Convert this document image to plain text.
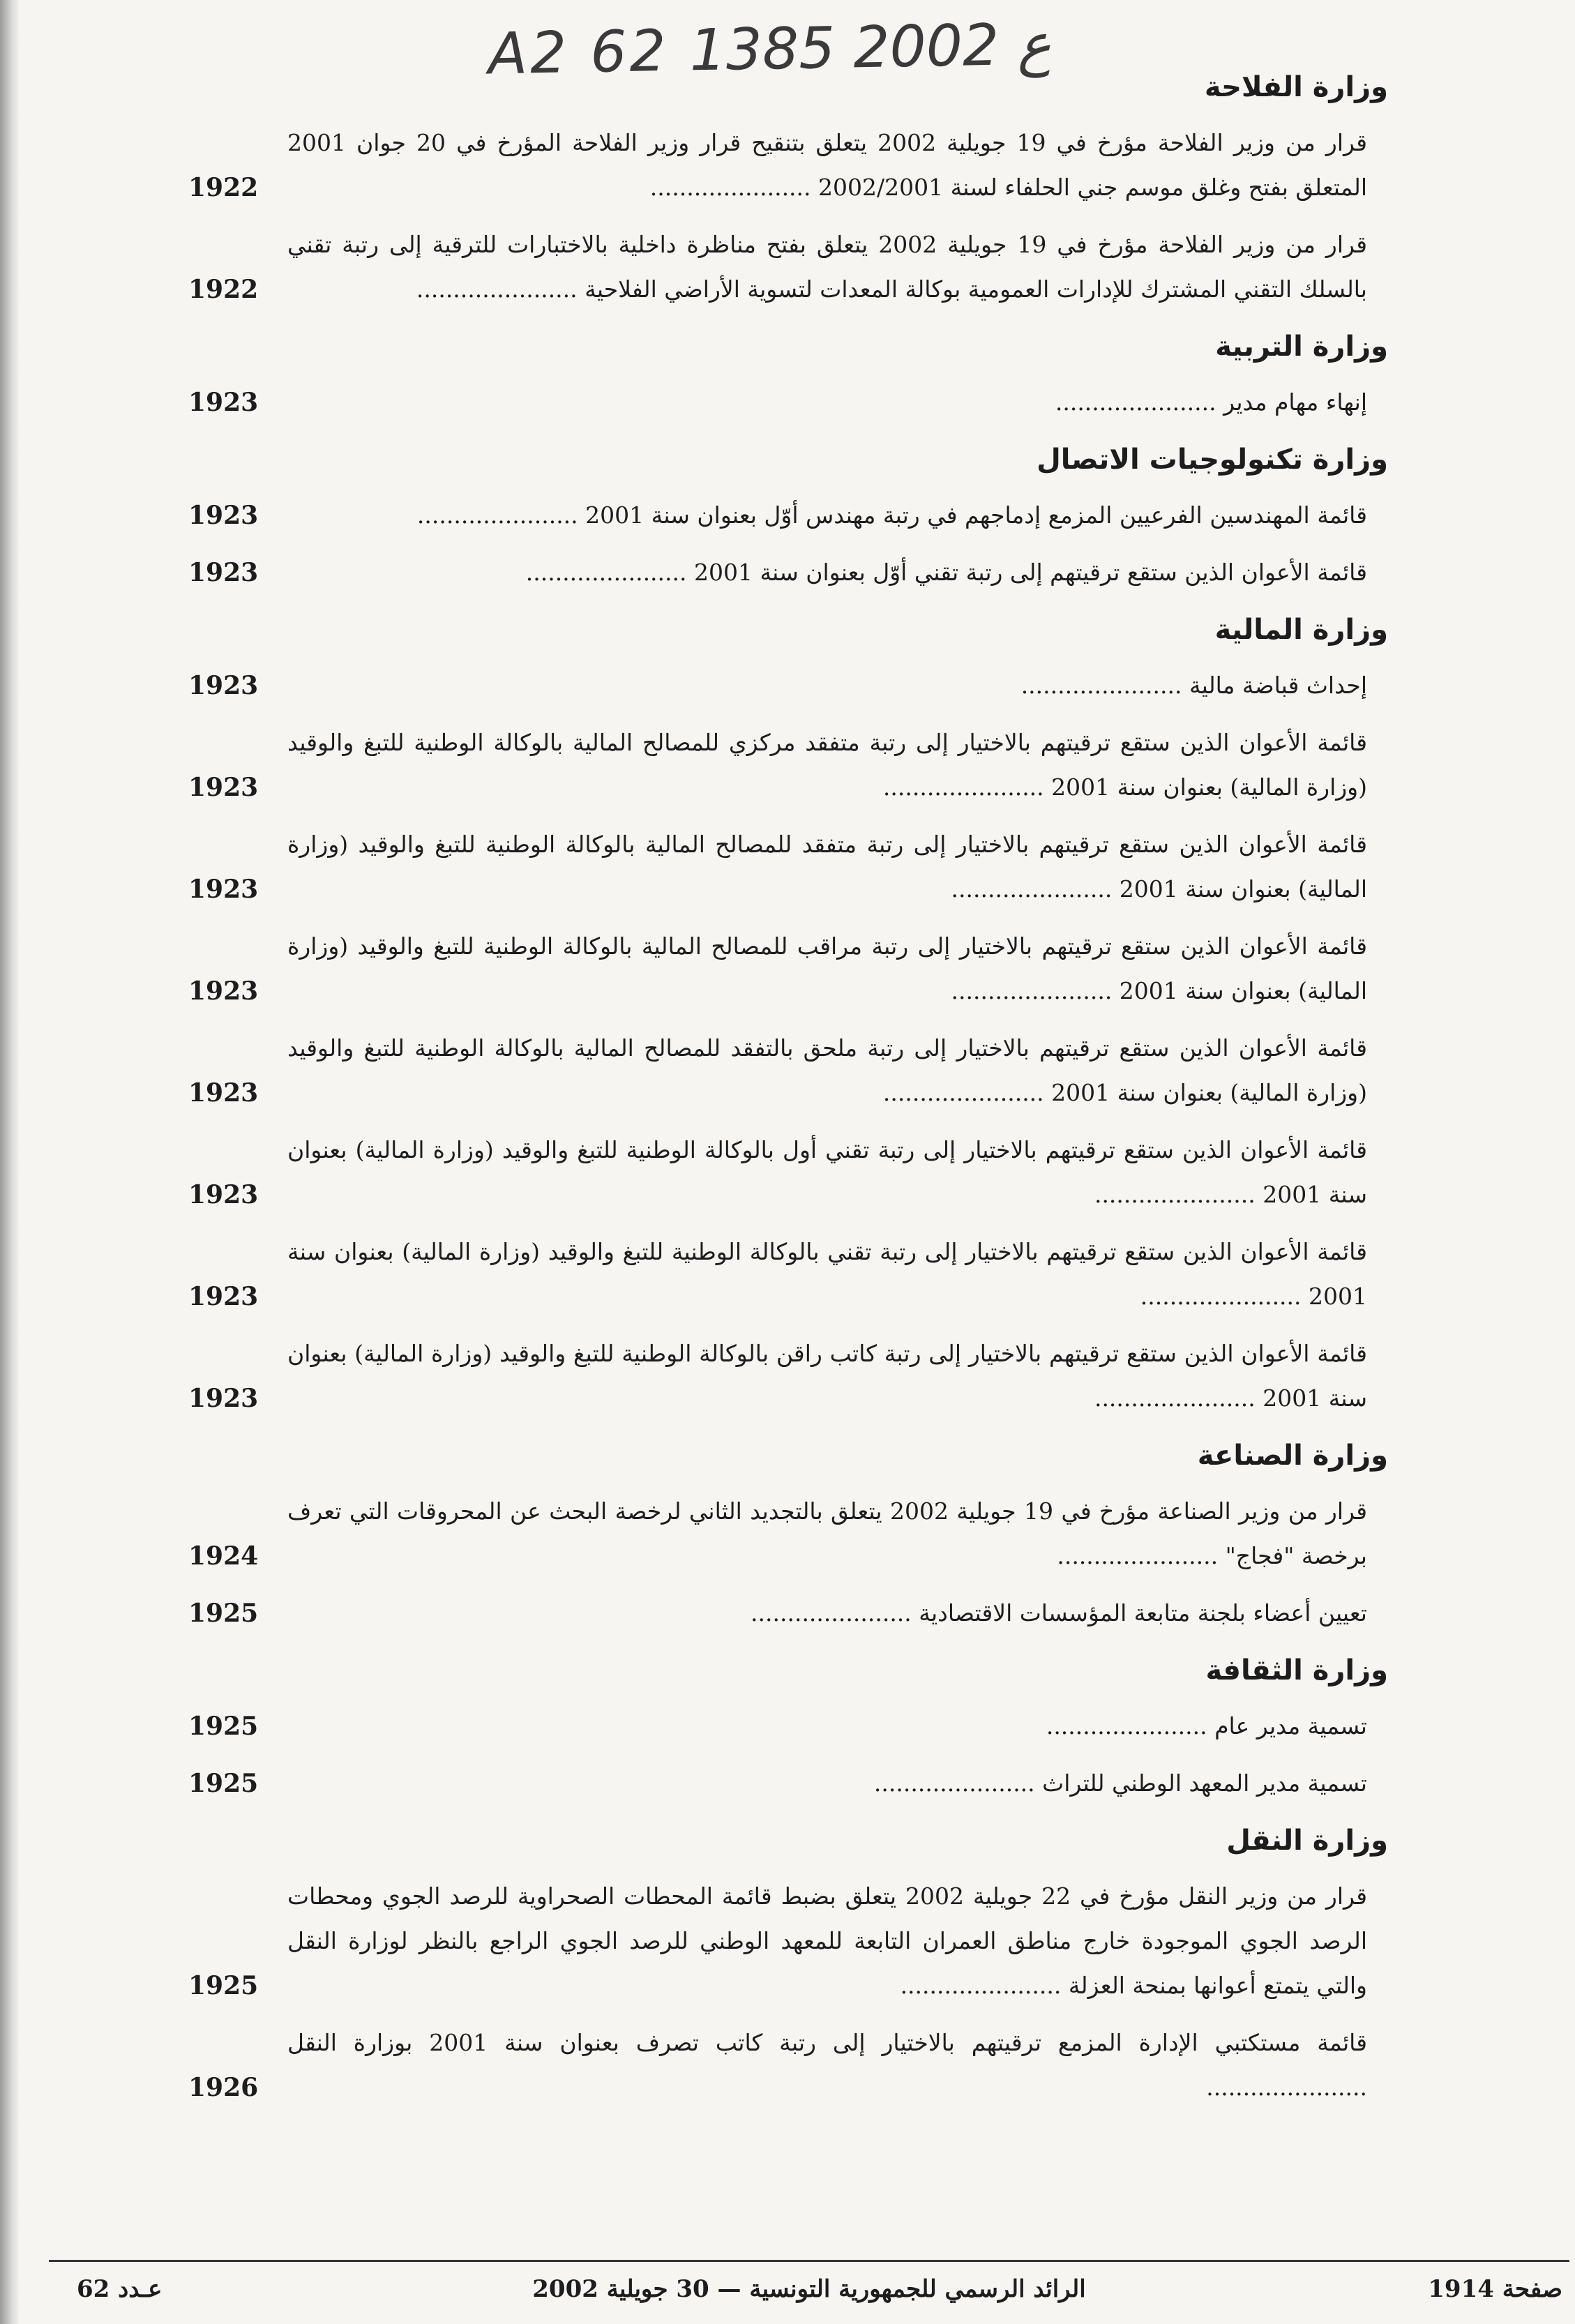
A2 62 ع 2002 1385
وزارة الفلاحة
قرار من وزير الفلاحة مؤرخ في 19 جويلية 2002 يتعلق بتنقيح قرار وزير الفلاحة المؤرخ في 20 جوان 2001 المتعلق بفتح وغلق موسم جني الحلفاء لسنة 2002/2001 ......................
1922
قرار من وزير الفلاحة مؤرخ في 19 جويلية 2002 يتعلق بفتح مناظرة داخلية بالاختبارات للترقية إلى رتبة تقني بالسلك التقني المشترك للإدارات العمومية بوكالة المعدات لتسوية الأراضي الفلاحية ......................
1922
وزارة التربية
إنهاء مهام مدير ......................
1923
وزارة تكنولوجيات الاتصال
قائمة المهندسين الفرعيين المزمع إدماجهم في رتبة مهندس أوّل بعنوان سنة 2001 ......................
1923
قائمة الأعوان الذين ستقع ترقيتهم إلى رتبة تقني أوّل بعنوان سنة 2001 ......................
1923
وزارة المالية
إحداث قباضة مالية ......................
1923
قائمة الأعوان الذين ستقع ترقيتهم بالاختيار إلى رتبة متفقد مركزي للمصالح المالية بالوكالة الوطنية للتبغ والوقيد (وزارة المالية) بعنوان سنة 2001 ......................
1923
قائمة الأعوان الذين ستقع ترقيتهم بالاختيار إلى رتبة متفقد للمصالح المالية بالوكالة الوطنية للتبغ والوقيد (وزارة المالية) بعنوان سنة 2001 ......................
1923
قائمة الأعوان الذين ستقع ترقيتهم بالاختيار إلى رتبة مراقب للمصالح المالية بالوكالة الوطنية للتبغ والوقيد (وزارة المالية) بعنوان سنة 2001 ......................
1923
قائمة الأعوان الذين ستقع ترقيتهم بالاختيار إلى رتبة ملحق بالتفقد للمصالح المالية بالوكالة الوطنية للتبغ والوقيد (وزارة المالية) بعنوان سنة 2001 ......................
1923
قائمة الأعوان الذين ستقع ترقيتهم بالاختيار إلى رتبة تقني أول بالوكالة الوطنية للتبغ والوقيد (وزارة المالية) بعنوان سنة 2001 ......................
1923
قائمة الأعوان الذين ستقع ترقيتهم بالاختيار إلى رتبة تقني بالوكالة الوطنية للتبغ والوقيد (وزارة المالية) بعنوان سنة 2001 ......................
1923
قائمة الأعوان الذين ستقع ترقيتهم بالاختيار إلى رتبة كاتب راقن بالوكالة الوطنية للتبغ والوقيد (وزارة المالية) بعنوان سنة 2001 ......................
1923
وزارة الصناعة
قرار من وزير الصناعة مؤرخ في 19 جويلية 2002 يتعلق بالتجديد الثاني لرخصة البحث عن المحروقات التي تعرف برخصة "فجاج" ......................
1924
تعيين أعضاء بلجنة متابعة المؤسسات الاقتصادية ......................
1925
وزارة الثقافة
تسمية مدير عام ......................
1925
تسمية مدير المعهد الوطني للتراث ......................
1925
وزارة النقل
قرار من وزير النقل مؤرخ في 22 جويلية 2002 يتعلق بضبط قائمة المحطات الصحراوية للرصد الجوي ومحطات الرصد الجوي الموجودة خارج مناطق العمران التابعة للمعهد الوطني للرصد الجوي الراجع بالنظر لوزارة النقل والتي يتمتع أعوانها بمنحة العزلة ......................
1925
قائمة مستكتبي الإدارة المزمع ترقيتهم بالاختيار إلى رتبة كاتب تصرف بعنوان سنة 2001 بوزارة النقل ......................
1926
صفحة 1914
الرائد الرسمي للجمهورية التونسية — 30 جويلية 2002
عـدد 62
